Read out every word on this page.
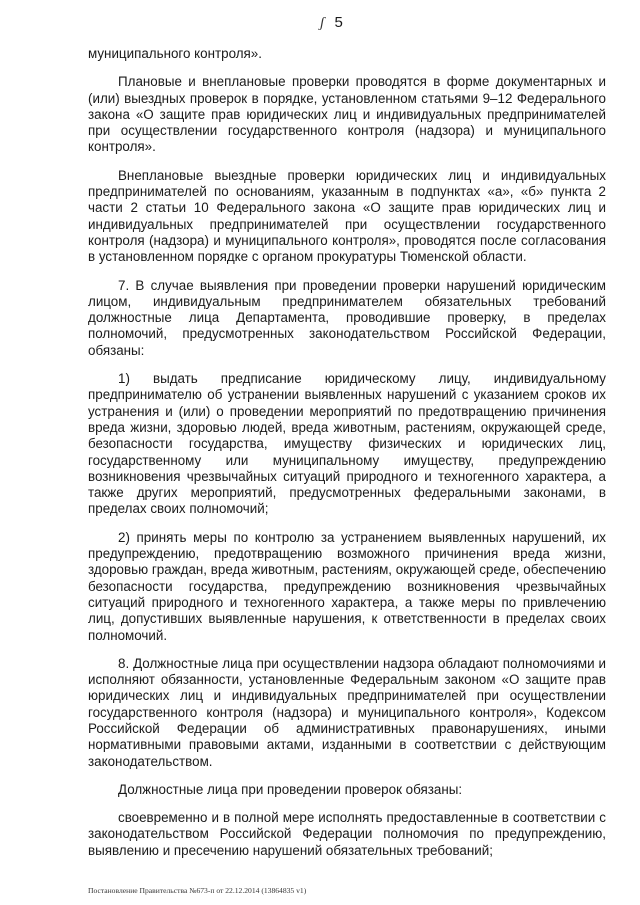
ʃ 5

муниципального контроля».

Плановые и внеплановые проверки проводятся в форме документарных и (или) выездных проверок в порядке, установленном статьями 9–12 Федерального закона «О защите прав юридических лиц и индивидуальных предпринимателей при осуществлении государственного контроля (надзора) и муниципального контроля».

Внеплановые выездные проверки юридических лиц и индивидуальных предпринимателей по основаниям, указанным в подпунктах «а», «б» пункта 2 части 2 статьи 10 Федерального закона «О защите прав юридических лиц и индивидуальных предпринимателей при осуществлении государственного контроля (надзора) и муниципального контроля», проводятся после согласования в установленном порядке с органом прокуратуры Тюменской области.

7. В случае выявления при проведении проверки нарушений юридическим лицом, индивидуальным предпринимателем обязательных требований должностные лица Департамента, проводившие проверку, в пределах полномочий, предусмотренных законодательством Российской Федерации, обязаны:

1) выдать предписание юридическому лицу, индивидуальному предпринимателю об устранении выявленных нарушений с указанием сроков их устранения и (или) о проведении мероприятий по предотвращению причинения вреда жизни, здоровью людей, вреда животным, растениям, окружающей среде, безопасности государства, имуществу физических и юридических лиц, государственному или муниципальному имуществу, предупреждению возникновения чрезвычайных ситуаций природного и техногенного характера, а также других мероприятий, предусмотренных федеральными законами, в пределах своих полномочий;

2) принять меры по контролю за устранением выявленных нарушений, их предупреждению, предотвращению возможного причинения вреда жизни, здоровью граждан, вреда животным, растениям, окружающей среде, обеспечению безопасности государства, предупреждению возникновения чрезвычайных ситуаций природного и техногенного характера, а также меры по привлечению лиц, допустивших выявленные нарушения, к ответственности в пределах своих полномочий.

8. Должностные лица при осуществлении надзора обладают полномочиями и исполняют обязанности, установленные Федеральным законом «О защите прав юридических лиц и индивидуальных предпринимателей при осуществлении государственного контроля (надзора) и муниципального контроля», Кодексом Российской Федерации об административных правонарушениях, иными нормативными правовыми актами, изданными в соответствии с действующим законодательством.

Должностные лица при проведении проверок обязаны:

своевременно и в полной мере исполнять предоставленные в соответствии с законодательством Российской Федерации полномочия по предупреждению, выявлению и пресечению нарушений обязательных требований;

Постановление Правительства №673-п от 22.12.2014 (13864835 v1)
